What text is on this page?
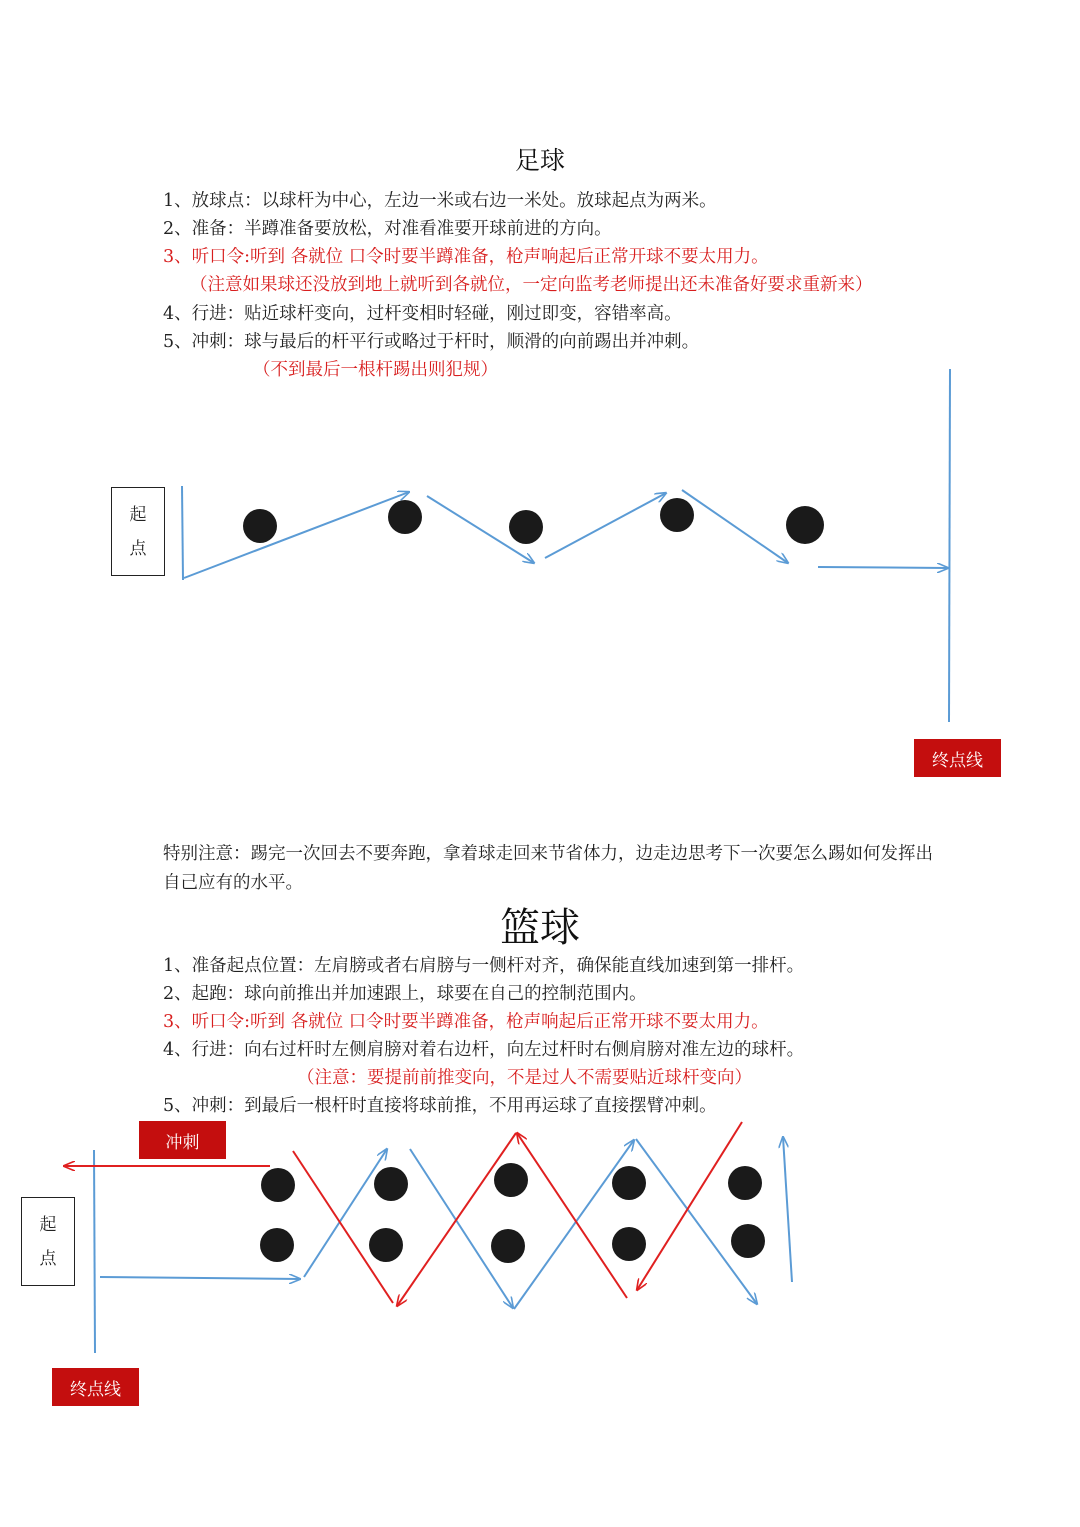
足球
1、放球点：以球杆为中心，左边一米或右边一米处。放球起点为两米。
2、准备：半蹲准备要放松，对准看准要开球前进的方向。
3、听口令:听到 各就位 口令时要半蹲准备，枪声响起后正常开球不要太用力。
（注意如果球还没放到地上就听到各就位，一定向监考老师提出还未准备好要求重新来）
4、行进：贴近球杆变向，过杆变相时轻碰，刚过即变，容错率高。
5、冲刺：球与最后的杆平行或略过于杆时，顺滑的向前踢出并冲刺。
（不到最后一根杆踢出则犯规）
起
点
终点线
特别注意：踢完一次回去不要奔跑，拿着球走回来节省体力，边走边思考下一次要怎么踢如何发挥出自己应有的水平。
篮球
1、准备起点位置：左肩膀或者右肩膀与一侧杆对齐，确保能直线加速到第一排杆。
2、起跑：球向前推出并加速跟上，球要在自己的控制范围内。
3、听口令:听到 各就位 口令时要半蹲准备，枪声响起后正常开球不要太用力。
4、行进：向右过杆时左侧肩膀对着右边杆，向左过杆时右侧肩膀对准左边的球杆。
（注意：要提前前推变向，不是过人不需要贴近球杆变向）
5、冲刺：到最后一根杆时直接将球前推，不用再运球了直接摆臂冲刺。
冲刺
起
点
终点线
